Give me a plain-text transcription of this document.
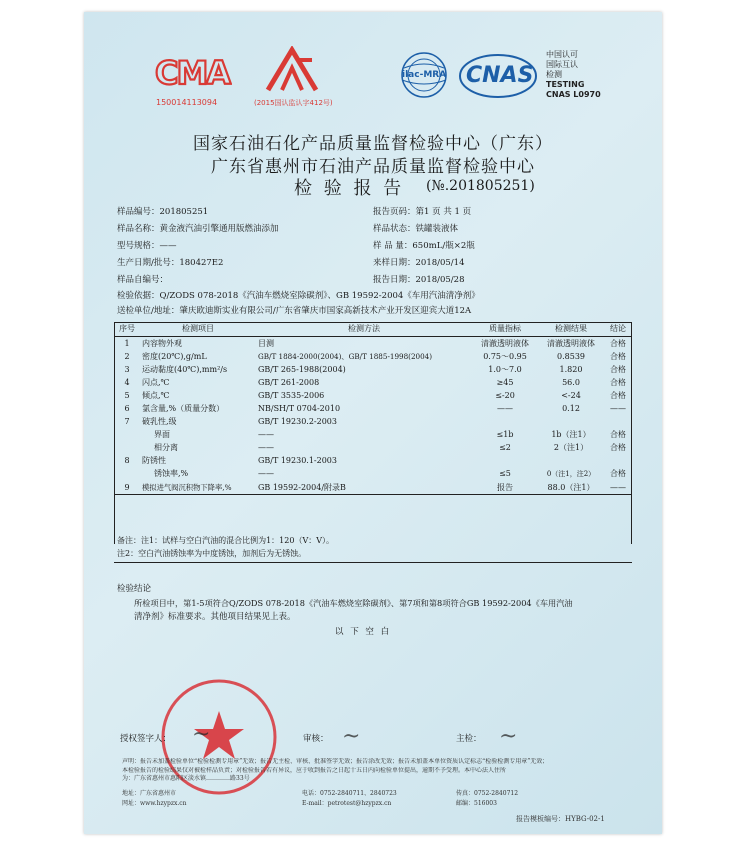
CMA
150014113094	(2015国认监认字412号)
ilac-MRA CNAS
中国认可
国际互认
检测
TESTING
CNAS L0970
国家石油石化产品质量监督检验中心（广东）
广东省惠州市石油产品质量监督检验中心
检 验 报 告 (№.201805251)
样品编号：201805251
样品名称：黄金液汽油引擎通用版燃油添加
型号规格：——
生产日期/批号：180427E2
样品自编号：
报告页码：第1 页 共 1 页
样品状态：铁罐装液体
样 品 量：650mL/瓶×2瓶
来样日期：2018/05/14
报告日期：2018/05/28
检验依据：Q/ZODS 078-2018《汽油车燃烧室除碳剂》、GB 19592-2004《车用汽油清净剂》
送检单位/地址：肇庆欧迪斯实业有限公司/广东省肇庆市国家高新技术产业开发区迎宾大道12A
序号	检测项目	检测方法	质量指标	检测结果	结论
1	内容物外观	目测	清澈透明液体	清澈透明液体	合格
2	密度(20℃),g/mL	GB/T 1884-2000(2004)、GB/T 1885-1998(2004)	0.75～0.95	0.8539	合格
3	运动黏度(40℃),mm²/s	GB/T 265-1988(2004)	1.0～7.0	1.820	合格
4	闪点,℃	GB/T 261-2008	≥45	56.0	合格
5	倾点,℃	GB/T 3535-2006	≤-20	<-24	合格
6	氯含量,%（质量分数）	NB/SH/T 0704-2010	——	0.12	——
7	破乳性,级	GB/T 19230.2-2003			
	界面	——	≤1b	1b（注1）	合格
	相分离	——	≤2	2（注1）	合格
8	防锈性	GB/T 19230.1-2003			
	锈蚀率,%	——	≤5	0（注1，注2）	合格
9	模拟进气阀沉积物下降率,%	GB 19592-2004/附录B	报告	88.0（注1）	——
备注：注1：试样与空白汽油的混合比例为1：120（V：V）。
注2：空白汽油锈蚀率为中度锈蚀，加剂后为无锈蚀。
检验结论
所检项目中，第1-5项符合Q/ZODS 078-2018《汽油车燃烧室除碳剂》、第7项和第8项符合GB 19592-2004《车用汽油
清净剂》标准要求。其他项目结果见上表。
以 下 空 白
授权签字人： ~	审核： ~	主检： ~
声明：报告未加盖检验单位“检验检测专用章”无效；报告无主检、审核、批准签字无效；报告涂改无效；报告未加盖本单位资质认定标志“检验检测专用章”无效；
本检验报告的检验结果仅对被检样品负责；对检验报告若有异议，应于收到报告之日起十五日内向检验单位提出，逾期不予受理。本中心法人住所
为：广东省惠州市惠阳区淡水镇…………路33号
地址：广东省惠州市	电话：0752-2840711、2840723	传真：0752-2840712
网址：www.hzypzx.cn	E-mail：petrotest@hzypzx.cn	邮编：516003
报告模板编号：HYBG-02-1
